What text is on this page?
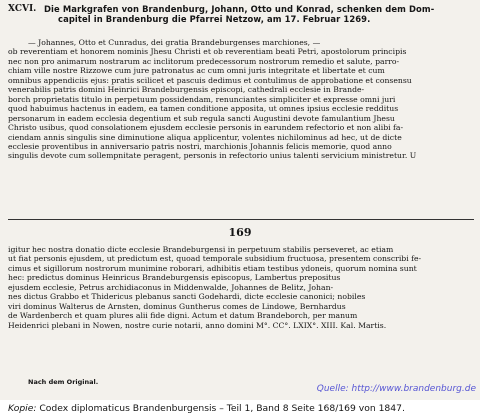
XCVI. Die Markgrafen von Brandenburg, Johann, Otto und Konrad, schenken dem Dom-
capitel in Brandenburg die Pfarrei Netzow, am 17. Februar 1269.
— Johannes, Otto et Cunradus, dei gratia Brandeburgenses marchiones, —
ob reverentiam et honorem nominis Jhesu Christi et ob reverentiam beati Petri, apostolorum principis
nec non pro animarum nostrarum ac inclitorum predecessorum nostrorum remedio et salute, parro-
chiam ville nostre Rizzowe cum jure patronatus ac cum omni juris integritate et libertate et cum
omnibus appendiciis ejus: pratis scilicet et pascuis dedimus et contulimus de approbatione et consensu
venerabilis patris domini Heinrici Brandeburgensis episcopi, cathedrali ecclesie in Brande-
borch proprietatis titulo in perpetuum possidendam, renunciantes simpliciter et expresse omni juri
quod habuimus hactenus in eadem, ea tamen conditione apposita, ut omnes ipsius ecclesie redditus
personarum in eadem ecclesia degentium et sub regula sancti Augustini devote famulantium Jhesu
Christo usibus, quod consolationem ejusdem ecclesie personis in earundem refectorio et non alibi fa-
ciendam annis singulis sine diminutione aliqua applicentur, volentes nichilominus ad hec, ut de dicte
ecclesie proventibus in anniversario patris nostri, marchionis Johannis felicis memorie, quod anno
singulis devote cum sollempnitate peragent, personis in refectorio unius talenti servicium ministretur. U
169
igitur hec nostra donatio dicte ecclesie Brandeburgensi in perpetuum stabilis perseveret, ac etiam
ut fiat personis ejusdem, ut predictum est, quoad temporale subsidium fructuosa, presentem conscribi fe-
cimus et sigillorum nostrorum munimine roborari, adhibitis etiam testibus ydoneis, quorum nomina sunt
hec: predictus dominus Heinricus Brandeburgensis episcopus, Lambertus prepositus
ejusdem ecclesie, Petrus archidiaconus in Middenwalde, Johannes de Belitz, Johan-
nes dictus Grabbo et Thidericus plebanus sancti Godehardi, dicte ecclesie canonici; nobiles
viri dominus Walterus de Arnsten, dominus Guntherus comes de Lindowe, Bernhardus
de Wardenberch et quam plures alii fide digni. Actum et datum Brandeborch, per manum
Heidenrici plebani in Nowen, nostre curie notarii, anno domini M°. CC°. LXIX°. XIII. Kal. Martis.
Nach dem Original.
Quelle: http://www.brandenburg.de
Kopie: Codex diplomaticus Brandenburgensis – Teil 1, Band 8 Seite 168/169 von 1847.
